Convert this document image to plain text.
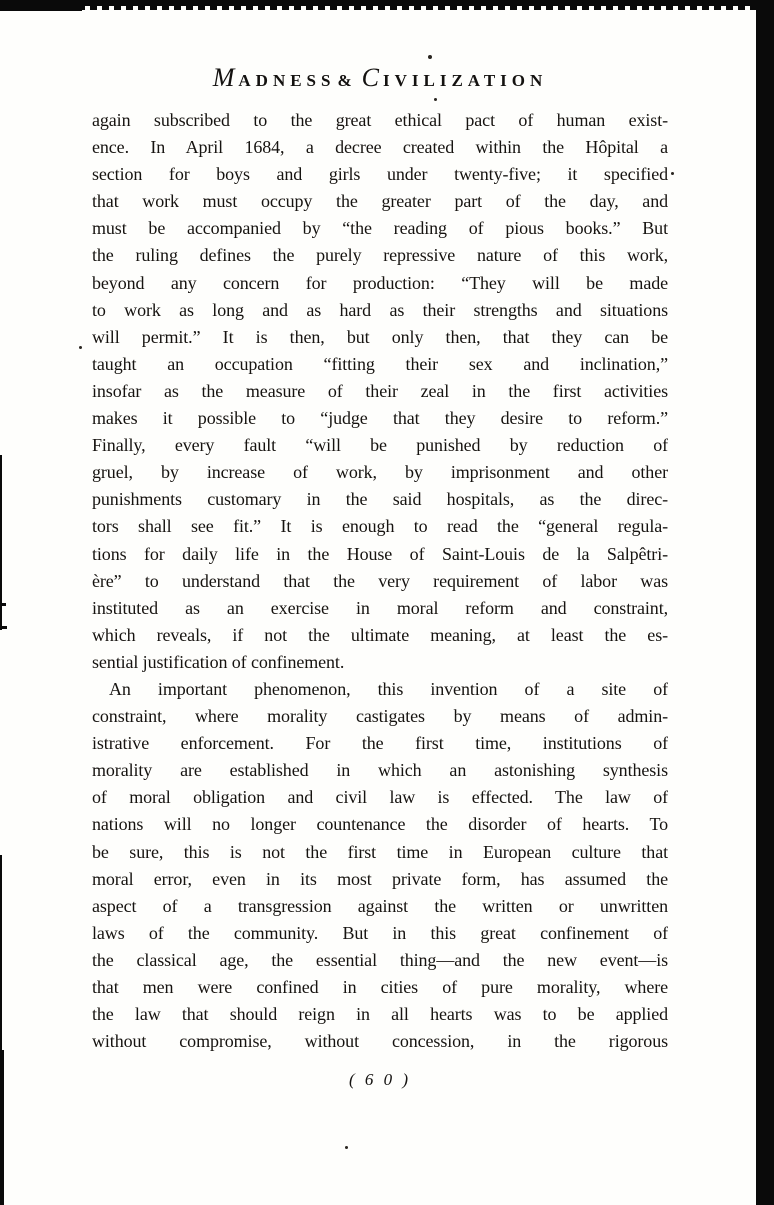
MADNESS & CIVILIZATION
again subscribed to the great ethical pact of human exist-
ence. In April 1684, a decree created within the Hôpital a
section for boys and girls under twenty-five; it specified
that work must occupy the greater part of the day, and
must be accompanied by “the reading of pious books.” But
the ruling defines the purely repressive nature of this work,
beyond any concern for production: “They will be made
to work as long and as hard as their strengths and situations
will permit.” It is then, but only then, that they can be
taught an occupation “fitting their sex and inclination,”
insofar as the measure of their zeal in the first activities
makes it possible to “judge that they desire to reform.”
Finally, every fault “will be punished by reduction of
gruel, by increase of work, by imprisonment and other
punishments customary in the said hospitals, as the direc-
tors shall see fit.” It is enough to read the “general regula-
tions for daily life in the House of Saint-Louis de la Salpêtri-
ère” to understand that the very requirement of labor was
instituted as an exercise in moral reform and constraint,
which reveals, if not the ultimate meaning, at least the es-
sential justification of confinement.
An important phenomenon, this invention of a site of
constraint, where morality castigates by means of admin-
istrative enforcement. For the first time, institutions of
morality are established in which an astonishing synthesis
of moral obligation and civil law is effected. The law of
nations will no longer countenance the disorder of hearts. To
be sure, this is not the first time in European culture that
moral error, even in its most private form, has assumed the
aspect of a transgression against the written or unwritten
laws of the community. But in this great confinement of
the classical age, the essential thing—and the new event—is
that men were confined in cities of pure morality, where
the law that should reign in all hearts was to be applied
without compromise, without concession, in the rigorous
( 6 0 )
